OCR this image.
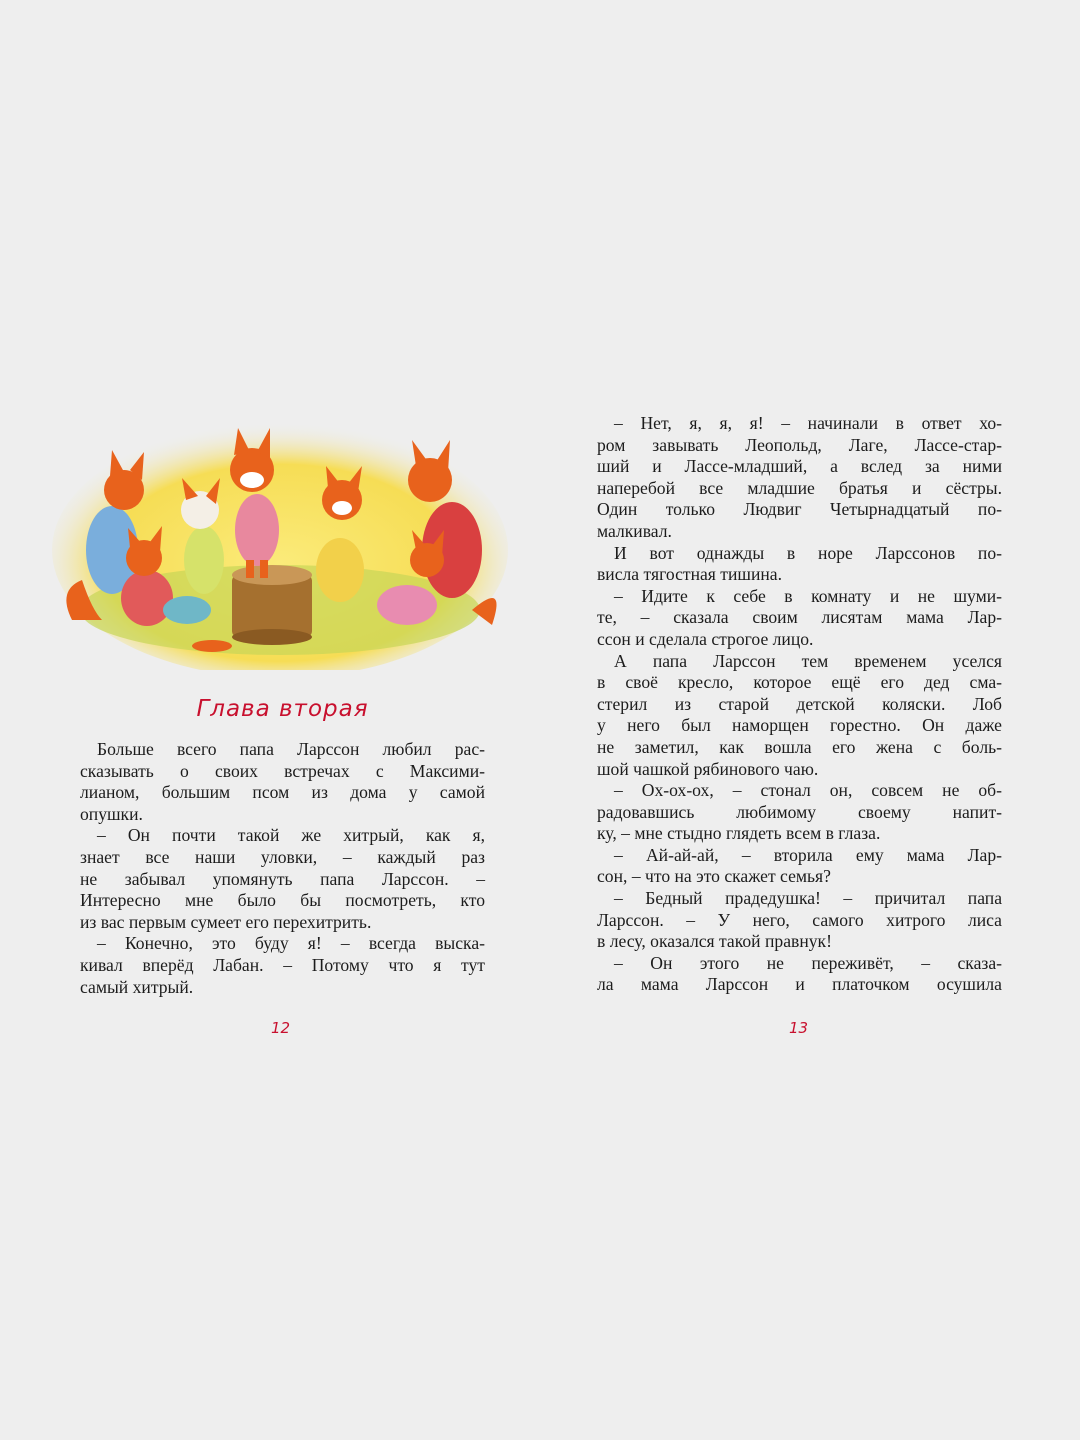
Глава вторая
Больше всего папа Ларссон любил рас-
сказывать о своих встречах с Максими-
лианом, большим псом из дома у самой
опушки.
– Он почти такой же хитрый, как я,
знает все наши уловки, – каждый раз
не забывал упомянуть папа Ларссон. –
Интересно мне было бы посмотреть, кто
из вас первым сумеет его перехитрить.
– Конечно, это буду я! – всегда выска-
кивал вперёд Лабан. – Потому что я тут
самый хитрый.
12
– Нет, я, я, я! – начинали в ответ хо-
ром завывать Леопольд, Лаге, Лассе-стар-
ший и Лассе-младший, а вслед за ними
наперебой все младшие братья и сёстры.
Один только Людвиг Четырнадцатый по-
малкивал.
И вот однажды в норе Ларссонов по-
висла тягостная тишина.
– Идите к себе в комнату и не шуми-
те, – сказала своим лисятам мама Лар-
ссон и сделала строгое лицо.
А папа Ларссон тем временем уселся
в своё кресло, которое ещё его дед сма-
стерил из старой детской коляски. Лоб
у него был наморщен горестно. Он даже
не заметил, как вошла его жена с боль-
шой чашкой рябинового чаю.
– Ох-ох-ох, – стонал он, совсем не об-
радовавшись любимому своему напит-
ку, – мне стыдно глядеть всем в глаза.
– Ай-ай-ай, – вторила ему мама Лар-
сон, – что на это скажет семья?
– Бедный прадедушка! – причитал папа
Ларссон. – У него, самого хитрого лиса
в лесу, оказался такой правнук!
– Он этого не переживёт, – сказа-
ла мама Ларссон и платочком осушила
13
